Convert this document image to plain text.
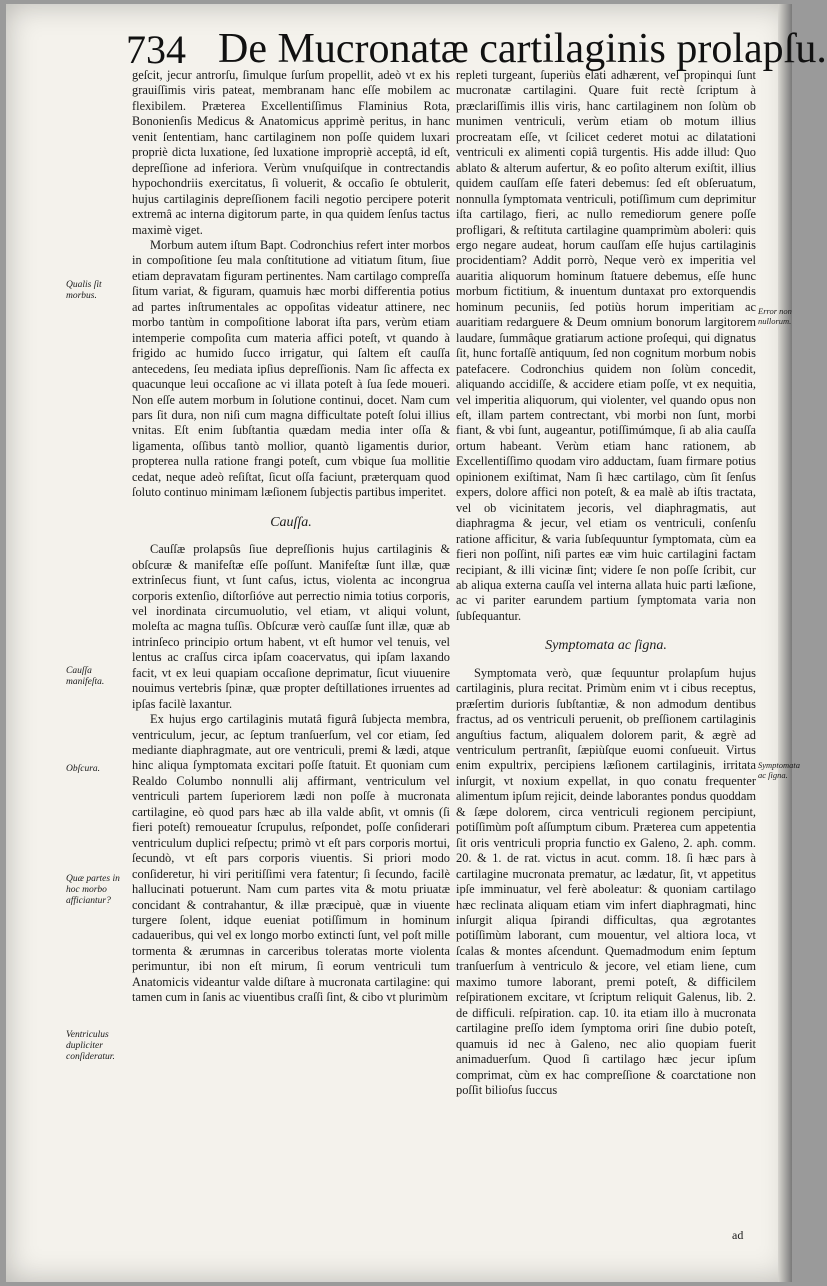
734 De Mucronatæ cartilaginis prolapſu.

geſcit, jecur antrorſu, ſimulque ſurſum propellit, adeò vt ex his grauiſſimis viris pateat, membranam hanc eſſe mobilem ac flexibilem. Præterea Excellentiſſimus Flaminius Rota, Bononienſis Medicus & Anatomicus apprimè peritus, in hanc venit ſententiam, hanc cartilaginem non poſſe quidem luxari propriè dicta luxatione, ſed luxatione impropriè acceptâ, id eſt, depreſſione ad inferiora. Verùm vnuſquiſque in contrectandis hypochondriis exercitatus, ſi voluerit, & occaſio ſe obtulerit, hujus cartilaginis depreſſionem facili negotio percipere poterit extremâ ac interna digitorum parte, in qua quidem ſenſus tactus maximè viget.

Morbum autem iſtum Bapt. Codronchius refert inter morbos in compoſitione ſeu mala conſtitutione ad vitiatum ſitum, ſiue etiam depravatam figuram pertinentes. Nam cartilago compreſſa ſitum variat, & figuram, quamuis hæc morbi differentia potius ad partes inſtrumentales ac oppoſitas videatur attinere, nec morbo tantùm in compoſitione laborat iſta pars, verùm etiam intemperie compoſita cum materia affici poteſt, vt quando à frigido ac humido ſucco irrigatur, qui ſaltem eſt cauſſa antecedens, ſeu mediata ipſius depreſſionis. Nam ſic affecta ex quacunque leui occaſione ac vi illata poteſt à ſua ſede moueri. Non eſſe autem morbum in ſolutione continui, docet. Nam cum pars ſit dura, non niſi cum magna difficultate poteſt ſolui illius vnitas. Eſt enim ſubſtantia quædam media inter oſſa & ligamenta, oſſibus tantò mollior, quantò ligamentis durior, propterea nulla ratione frangi poteſt, cum vbique ſua mollitie cedat, neque adeò reſiſtat, ſicut oſſa faciunt, præterquam quod ſoluto continuo minimam læſionem ſubjectis partibus imperitet.

Cauſſa.

Cauſſæ prolapsûs ſiue depreſſionis hujus cartilaginis & obſcuræ & manifeſtæ eſſe poſſunt. Manifeſtæ ſunt illæ, quæ extrinſecus fiunt, vt ſunt caſus, ictus, violenta ac incongrua corporis extenſio, diſtorſióve aut perrectio nimia totius corporis, vel inordinata circumuolutio, vel etiam, vt aliqui volunt, moleſta ac magna tuſſis. Obſcuræ verò cauſſæ ſunt illæ, quæ ab intrinſeco principio ortum habent, vt eſt humor vel tenuis, vel lentus ac craſſus circa ipſam coacervatus, qui ipſam laxando facit, vt ex leui quapiam occaſione deprimatur, ſicut viuuenire nouimus vertebris ſpinæ, quæ propter deſtillationes irruentes ad ipſas facilè laxantur.

Ex hujus ergo cartilaginis mutatâ figurâ ſubjecta membra, ventriculum, jecur, ac ſeptum tranſuerſum, vel cor etiam, ſed mediante diaphragmate, aut ore ventriculi, premi & lædi, atque hinc aliqua ſymptomata excitari poſſe ſtatuit. Et quoniam cum Realdo Columbo nonnulli alij affirmant, ventriculum vel ventriculi partem ſuperiorem lædi non poſſe à mucronata cartilagine, eò quod pars hæc ab illa valde abſit, vt omnis (ſi fieri poteſt) remoueatur ſcrupulus, reſpondet, poſſe conſiderari ventriculum duplici reſpectu; primò vt eſt pars corporis mortui, ſecundò, vt eſt pars corporis viuentis. Si priori modo conſideretur, hi viri peritiſſimi vera fatentur; ſi ſecundo, facilè hallucinati potuerunt. Nam cum partes vita & motu priuatæ concidant & contrahantur, & illæ præcipuè, quæ in viuente turgere ſolent, idque eueniat potiſſimum in hominum cadaueribus, qui vel ex longo morbo extincti ſunt, vel poſt mille tormenta & ærumnas in carceribus toleratas morte violenta perimuntur, ibi non eſt mirum, ſi eorum ventriculi tum Anatomicis videantur valde diſtare à mucronata cartilagine: qui tamen cum in ſanis ac viuentibus craſſi ſint, & cibo vt plurimùm

repleti turgeant, ſuperiùs elati adhærent, vel propinqui ſunt mucronatæ cartilagini. Quare fuit rectè ſcriptum à præclariſſimis illis viris, hanc cartilaginem non ſolùm ob munimen ventriculi, verùm etiam ob motum illius procreatam eſſe, vt ſcilicet cederet motui ac dilatationi ventriculi ex alimenti copiâ turgentis. His adde illud: Quo ablato & alterum aufertur, & eo poſito alterum exiſtit, illius quidem cauſſam eſſe fateri debemus: ſed eſt obſeruatum, nonnulla ſymptomata ventriculi, potiſſimum cum deprimitur iſta cartilago, fieri, ac nullo remediorum genere poſſe profligari, & reſtituta cartilagine quamprimùm aboleri: quis ergo negare audeat, horum cauſſam eſſe hujus cartilaginis procidentiam? Addit porrò, Neque verò ex imperitia vel auaritia aliquorum hominum ſtatuere debemus, eſſe hunc morbum fictitium, & inuentum duntaxat pro extorquendis hominum pecuniis, ſed potiùs horum imperitiam ac auaritiam redarguere & Deum omnium bonorum largitorem laudare, ſummâque gratiarum actione proſequi, qui dignatus ſit, hunc fortaſſè antiquum, ſed non cognitum morbum nobis patefacere. Codronchius quidem non ſolùm concedit, aliquando accidiſſe, & accidere etiam poſſe, vt ex nequitia, vel imperitia aliquorum, qui violenter, vel quando opus non eſt, illam partem contrectant, vbi morbi non ſunt, morbi fiant, & vbi ſunt, augeantur, potiſſimúmque, ſi ab alia cauſſa ortum habeant. Verùm etiam hanc rationem, ab Excellentiſſimo quodam viro adductam, ſuam firmare potius opinionem exiſtimat, Nam ſi hæc cartilago, cùm ſit ſenſus expers, dolore affici non poteſt, & ea malè ab iſtis tractata, vel ob vicinitatem jecoris, vel diaphragmatis, aut diaphragma & jecur, vel etiam os ventriculi, conſenſu ratione afficitur, & varia ſubſequuntur ſymptomata, cùm ea fieri non poſſint, niſi partes eæ vim huic cartilagini factam recipiant, & illi vicinæ ſint; videre ſe non poſſe ſcribit, cur ab aliqua externa cauſſa vel interna allata huic parti læſione, ac vi pariter earundem partium ſymptomata varia non ſubſequantur.

Symptomata ac ſigna.

Symptomata verò, quæ ſequuntur prolapſum hujus cartilaginis, plura recitat. Primùm enim vt i cibus receptus, præſertim durioris ſubſtantiæ, & non admodum dentibus fractus, ad os ventriculi peruenit, ob preſſionem cartilaginis anguſtius factum, aliqualem dolorem parit, & ægrè ad ventriculum pertranſit, ſæpiùſque euomi conſueuit. Virtus enim expultrix, percipiens læſionem cartilaginis, irritata inſurgit, vt noxium expellat, in quo conatu frequenter alimentum ipſum rejicit, deinde laborantes pondus quoddam & ſæpe dolorem, circa ventriculi regionem percipiunt, potiſſimùm poſt aſſumptum cibum. Præterea cum appetentia ſit oris ventriculi propria functio ex Galeno, 2. aph. comm. 20. & 1. de rat. victus in acut. comm. 18. ſi hæc pars à cartilagine mucronata prematur, ac lædatur, ſit, vt appetitus ipſe imminuatur, vel ferè aboleatur: & quoniam cartilago hæc reclinata aliquam etiam vim infert diaphragmati, hinc inſurgit aliqua ſpirandi difficultas, qua ægrotantes potiſſimùm laborant, cum mouentur, vel altiora loca, vt ſcalas & montes aſcendunt. Quemadmodum enim ſeptum tranſuerſum à ventriculo & jecore, vel etiam liene, cum maximo tumore laborant, premi poteſt, & difficilem reſpirationem excitare, vt ſcriptum reliquit Galenus, lib. 2. de difficuli. reſpiration. cap. 10. ita etiam illo à mucronata cartilagine preſſo idem ſymptoma oriri ſine dubio poteſt, quamuis id nec à Galeno, nec alio quopiam fuerit animaduerſum. Quod ſi cartilago hæc jecur ipſum comprimat, cùm ex hac compreſſione & coarctatione non poſſit bilioſus ſuccus

Qualis ſit morbus.
Cauſſa manifeſta.
Obſcura.
Quæ partes in hoc morbo afficiantur?
Ventriculus dupliciter conſideratur.
Error non nullorum.
Symptomata ac ſigna.
ad
